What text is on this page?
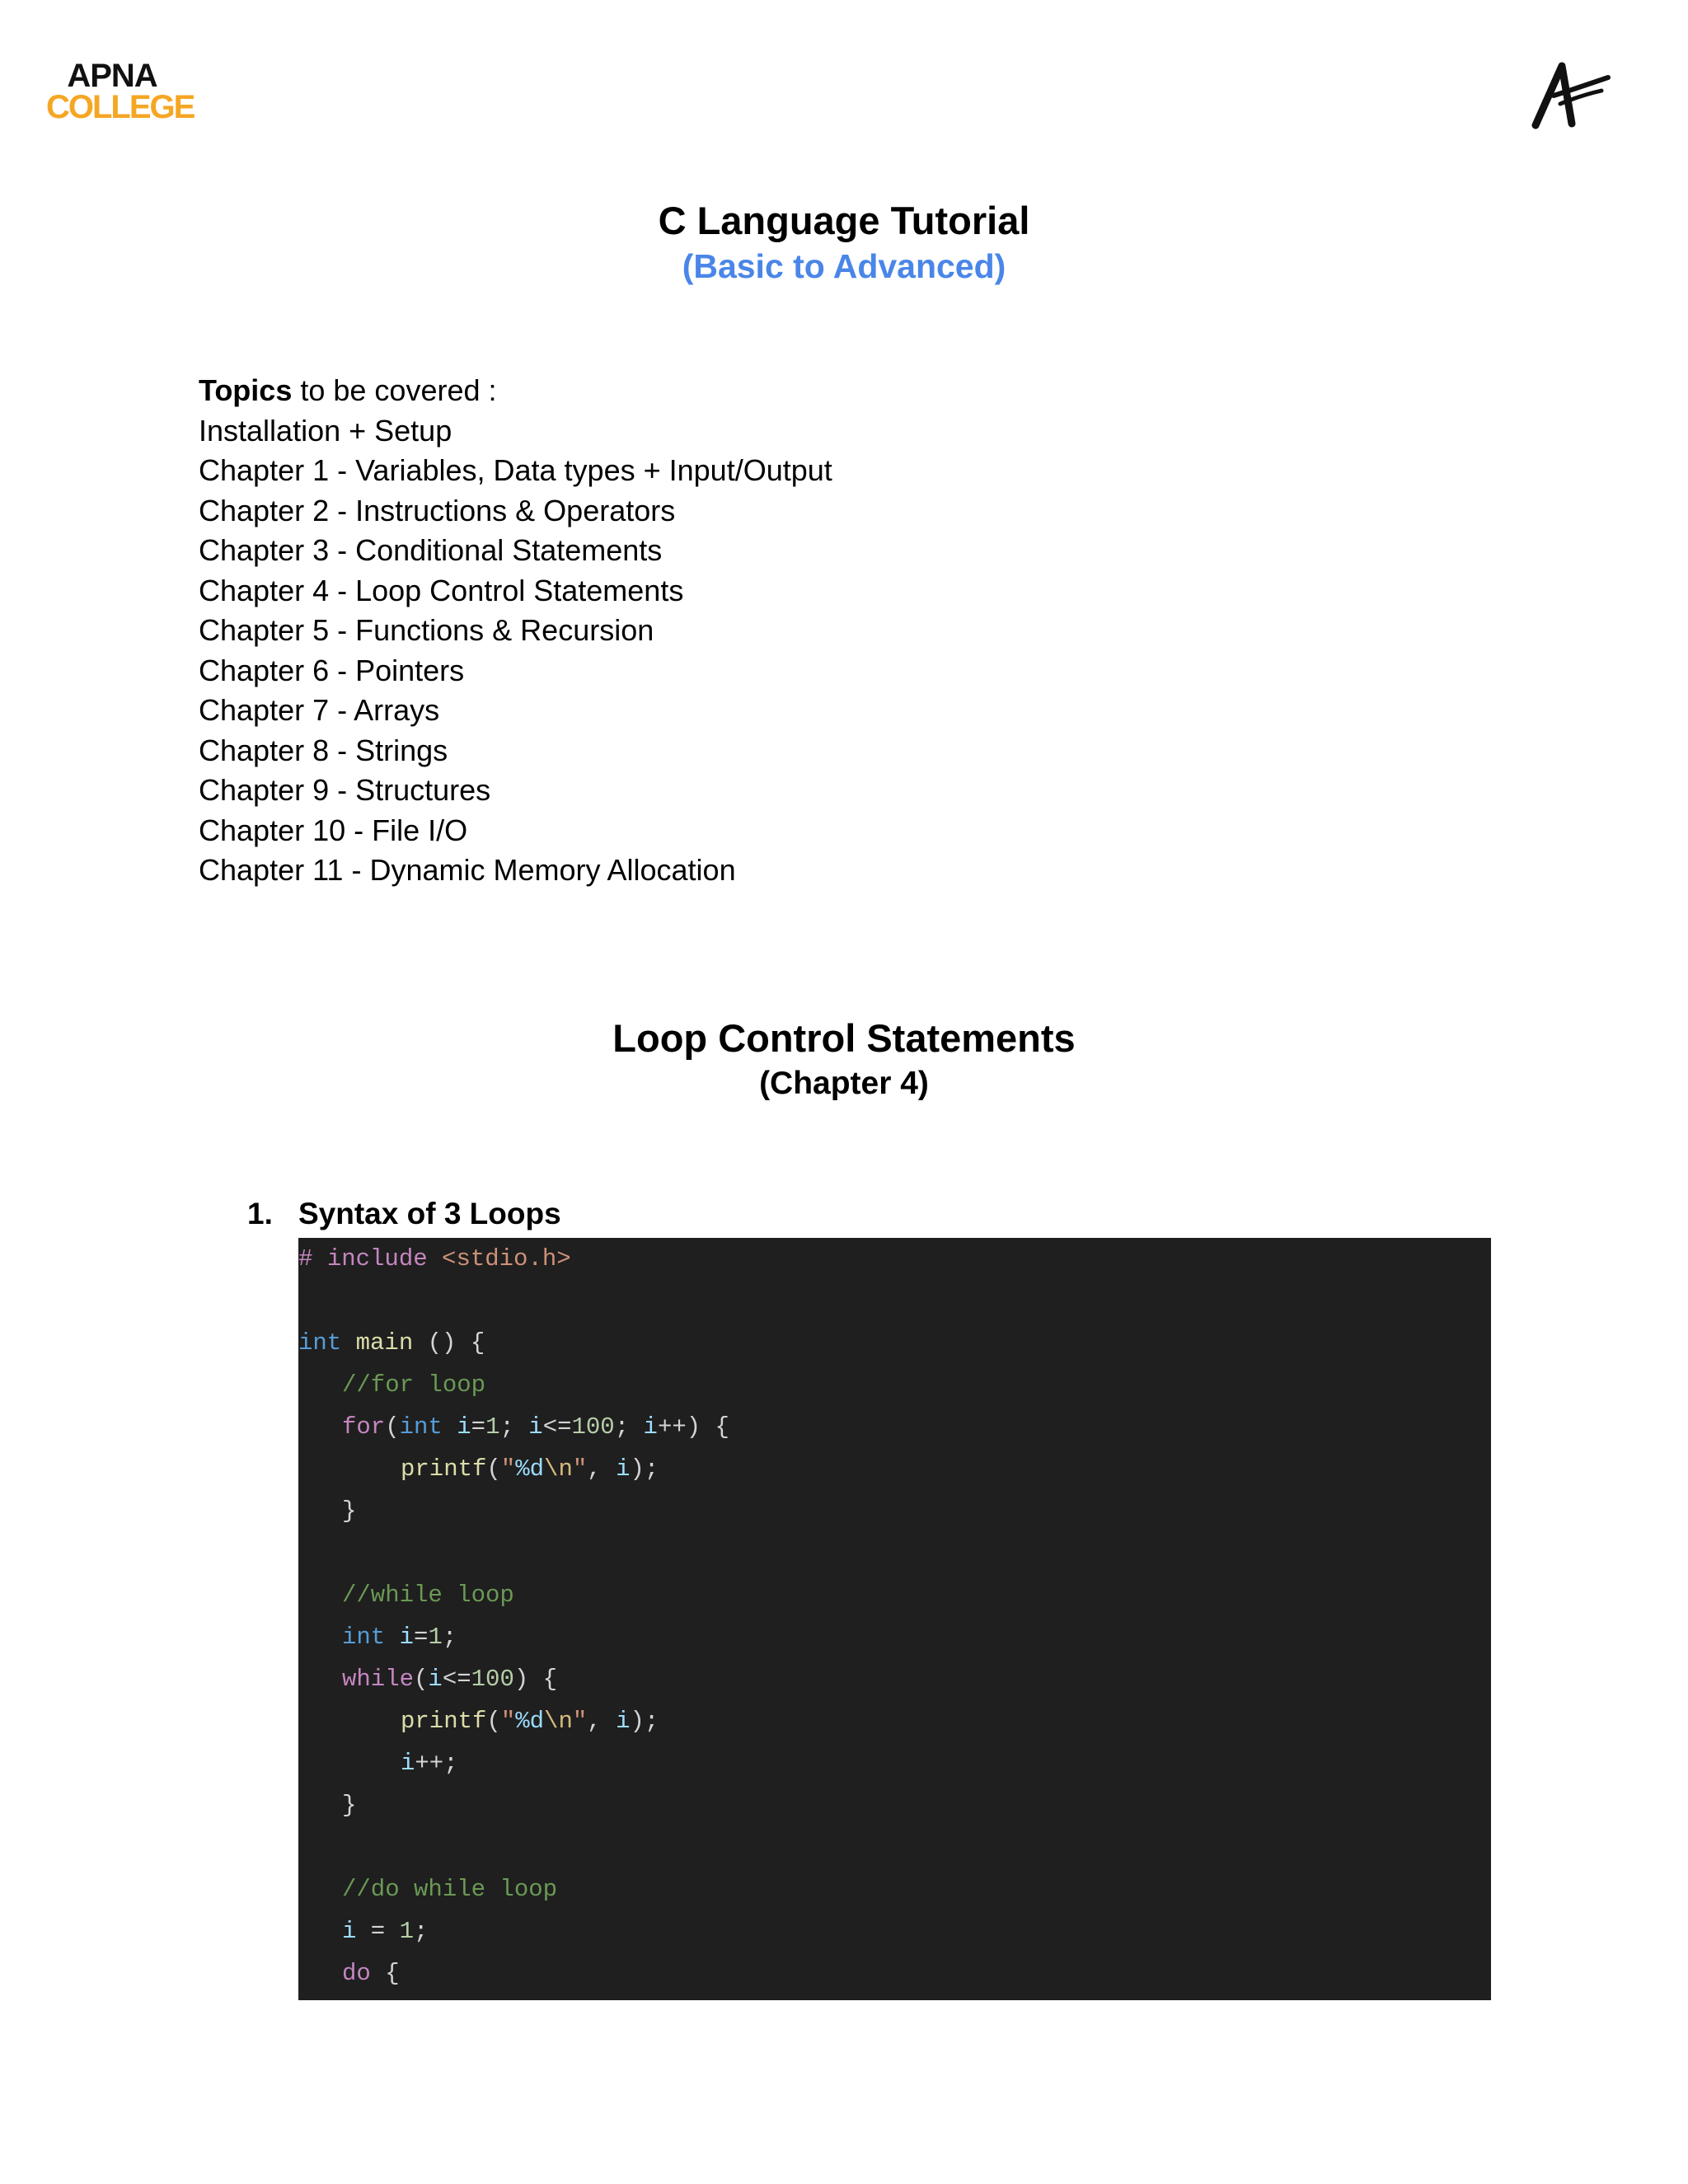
APNA
COLLEGE
C Language Tutorial
(Basic to Advanced)
Topics to be covered :
Installation + Setup
Chapter 1 - Variables, Data types + Input/Output
Chapter 2 - Instructions & Operators
Chapter 3 - Conditional Statements
Chapter 4 - Loop Control Statements
Chapter 5 - Functions & Recursion
Chapter 6 - Pointers
Chapter 7 - Arrays
Chapter 8 - Strings
Chapter 9 - Structures
Chapter 10 - File I/O
Chapter 11 - Dynamic Memory Allocation
Loop Control Statements
(Chapter 4)
1. Syntax of 3 Loops
# include <stdio.h>
int main () {
//for loop
for(int i=1; i<=100; i++) {
printf("%d\n", i);
}
//while loop
int i=1;
while(i<=100) {
printf("%d\n", i);
i++;
}
//do while loop
i = 1;
do {
